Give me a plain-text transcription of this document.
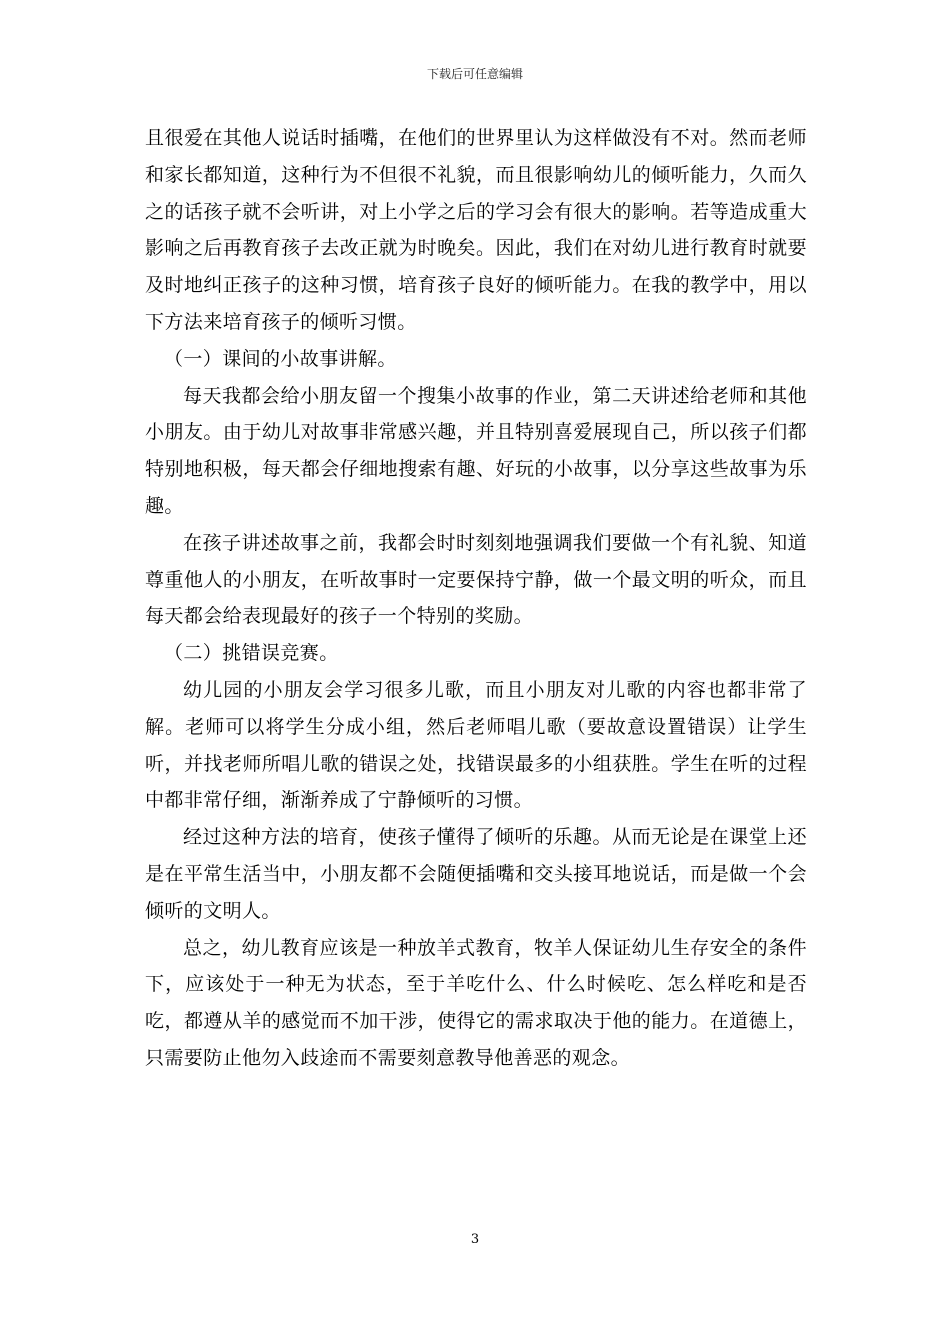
下载后可任意编辑

且很爱在其他人说话时插嘴，在他们的世界里认为这样做没有不对。然而老师和家长都知道，这种行为不但很不礼貌，而且很影响幼儿的倾听能力，久而久之的话孩子就不会听讲，对上小学之后的学习会有很大的影响。若等造成重大影响之后再教育孩子去改正就为时晚矣。因此，我们在对幼儿进行教育时就要及时地纠正孩子的这种习惯，培育孩子良好的倾听能力。在我的教学中，用以下方法来培育孩子的倾听习惯。

（一）课间的小故事讲解。

每天我都会给小朋友留一个搜集小故事的作业，第二天讲述给老师和其他小朋友。由于幼儿对故事非常感兴趣，并且特别喜爱展现自己，所以孩子们都特别地积极，每天都会仔细地搜索有趣、好玩的小故事，以分享这些故事为乐趣。

在孩子讲述故事之前，我都会时时刻刻地强调我们要做一个有礼貌、知道尊重他人的小朋友，在听故事时一定要保持宁静，做一个最文明的听众，而且每天都会给表现最好的孩子一个特别的奖励。

（二）挑错误竞赛。

幼儿园的小朋友会学习很多儿歌，而且小朋友对儿歌的内容也都非常了解。老师可以将学生分成小组，然后老师唱儿歌（要故意设置错误）让学生听，并找老师所唱儿歌的错误之处，找错误最多的小组获胜。学生在听的过程中都非常仔细，渐渐养成了宁静倾听的习惯。

经过这种方法的培育，使孩子懂得了倾听的乐趣。从而无论是在课堂上还是在平常生活当中，小朋友都不会随便插嘴和交头接耳地说话，而是做一个会倾听的文明人。

总之，幼儿教育应该是一种放羊式教育，牧羊人保证幼儿生存安全的条件下，应该处于一种无为状态，至于羊吃什么、什么时候吃、怎么样吃和是否吃，都遵从羊的感觉而不加干涉，使得它的需求取决于他的能力。在道德上，只需要防止他勿入歧途而不需要刻意教导他善恶的观念。

3
